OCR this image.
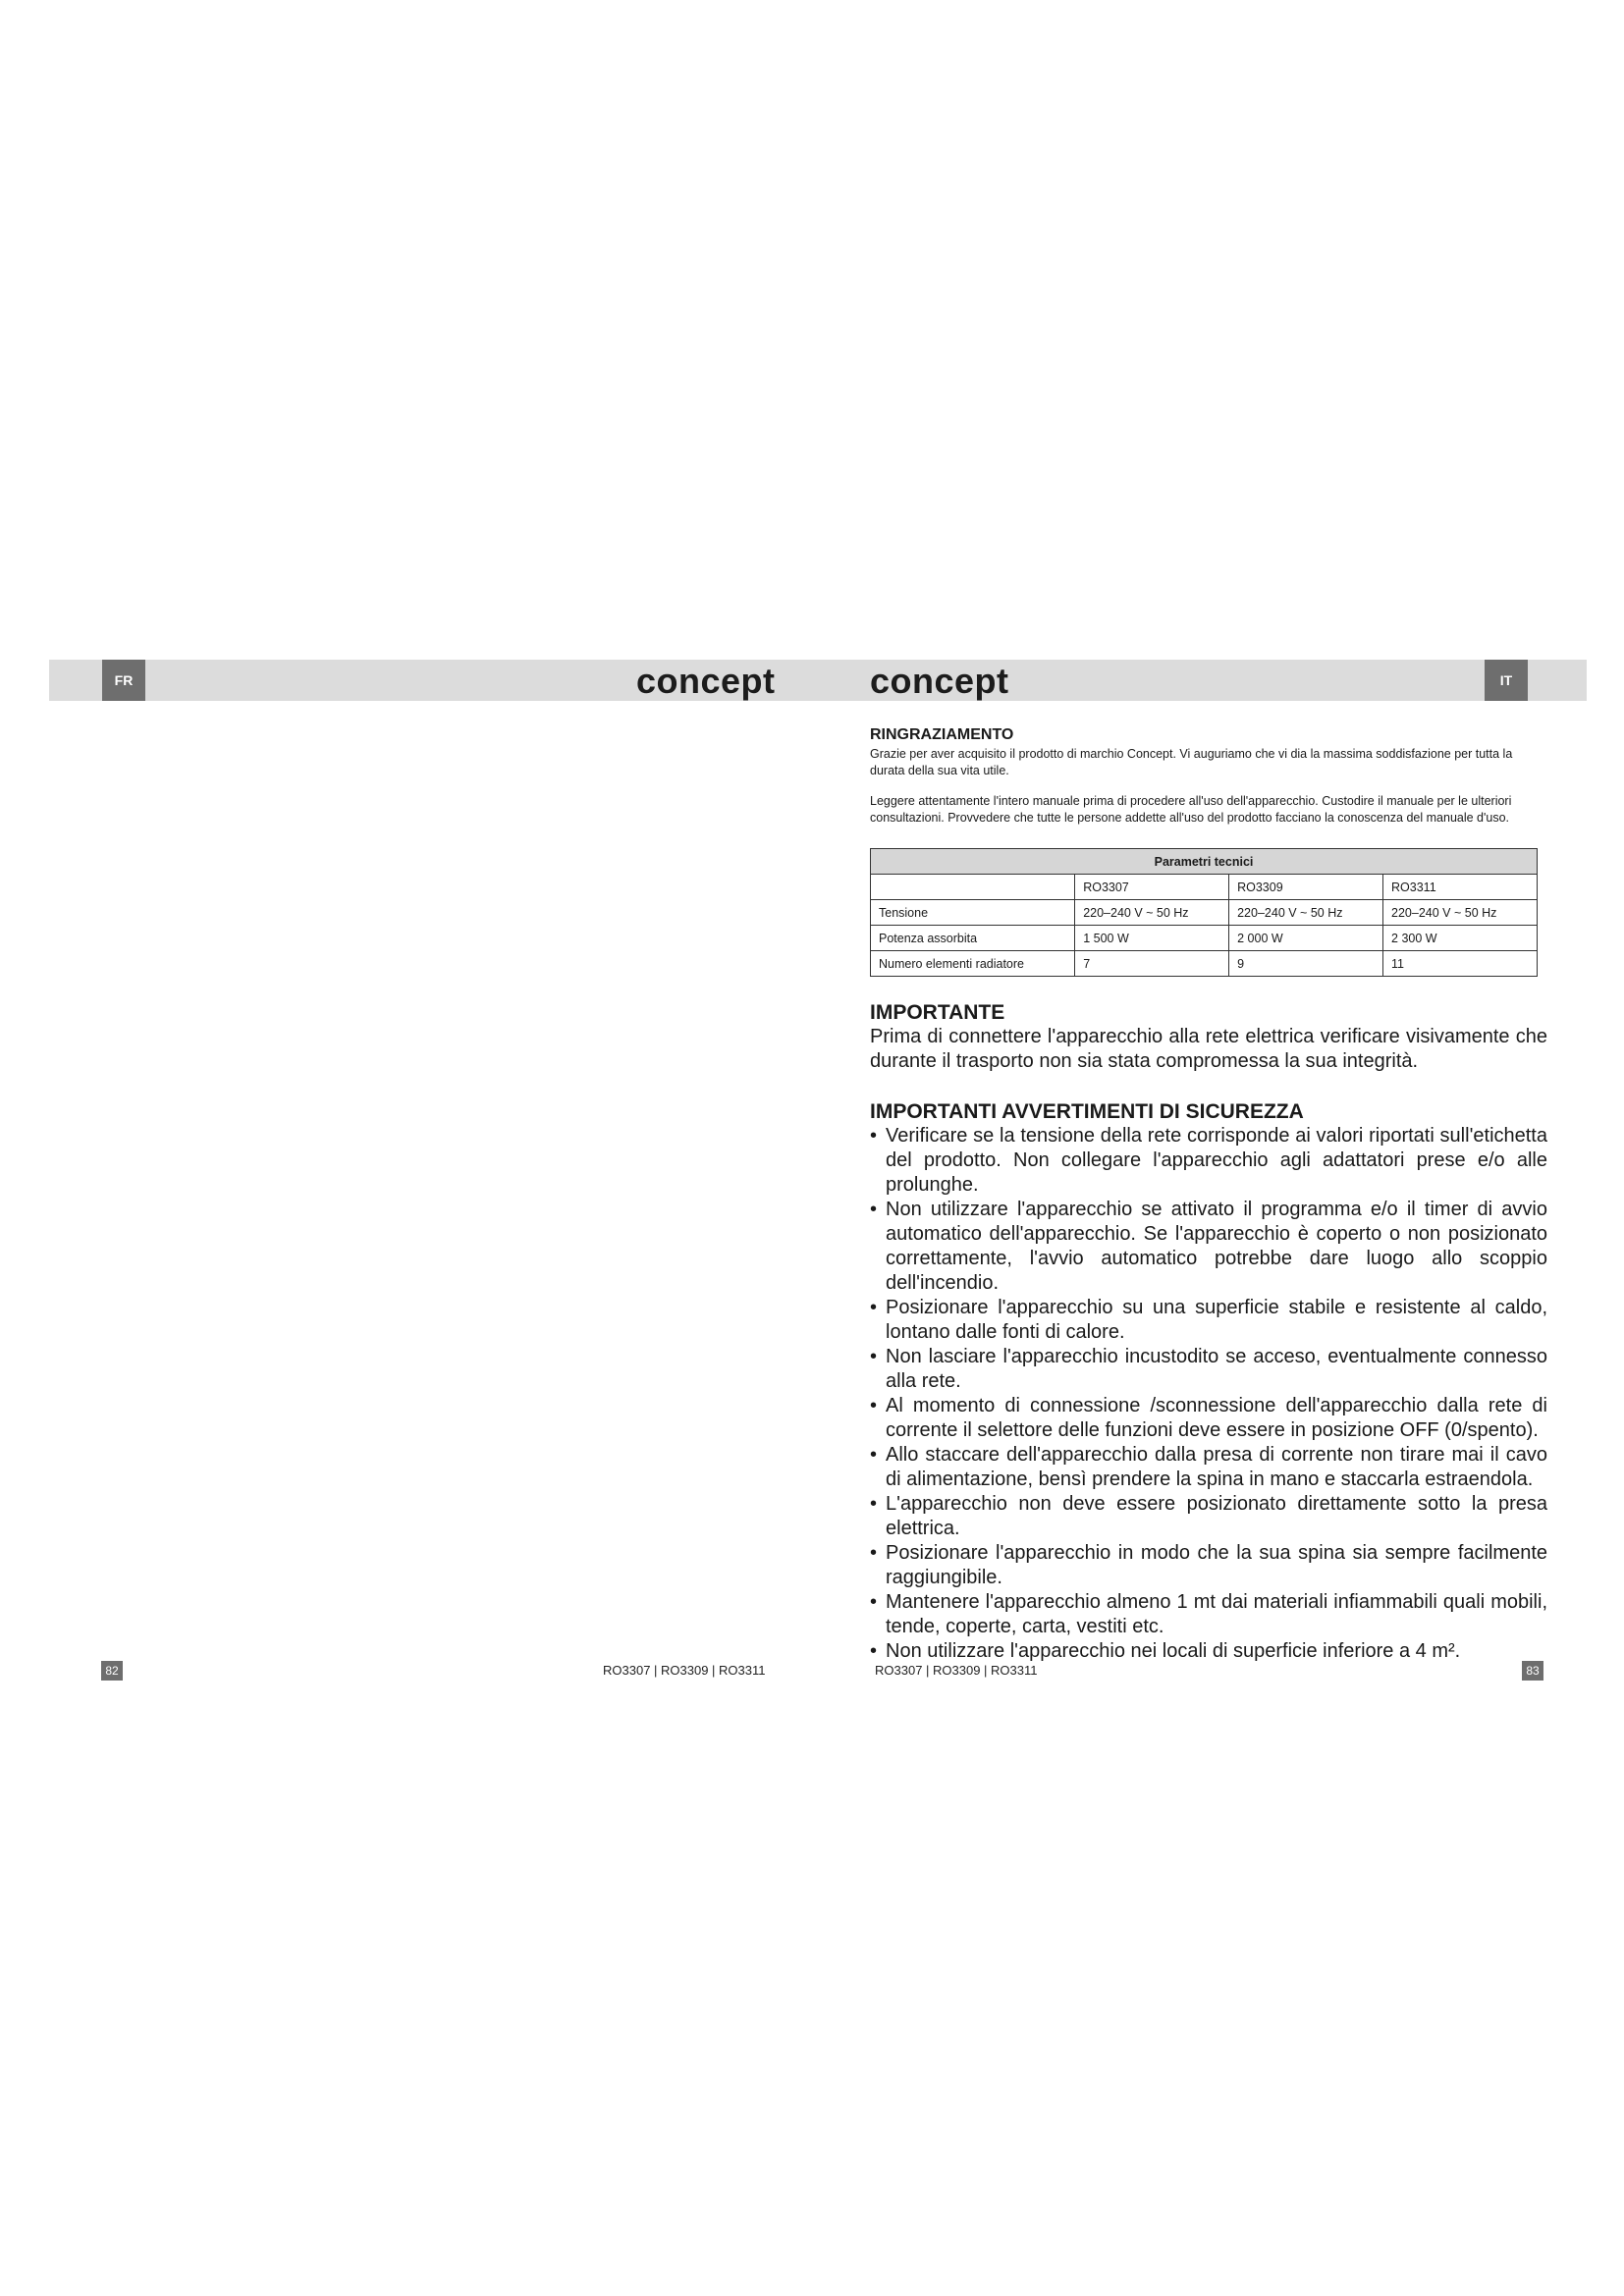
FR	concept	concept	IT
RINGRAZIAMENTO

Grazie per aver acquisito il prodotto di marchio Concept. Vi auguriamo che vi dia la massima soddisfazione per tutta la durata della sua vita utile.

Leggere attentamente l'intero manuale prima di procedere all'uso dell'apparecchio. Custodire il manuale per le ulteriori consultazioni. Provvedere che tutte le persone addette all'uso del prodotto facciano la conoscenza del manuale d'uso.

Parametri tecnici			
	RO3307	RO3309	RO3311
Tensione	220–240 V ~ 50 Hz	220–240 V ~ 50 Hz	220–240 V ~ 50 Hz
Potenza assorbita	1 500 W	2 000 W	2 300 W
Numero elementi radiatore	7	9	11
IMPORTANTE

Prima di connettere l'apparecchio alla rete elettrica verificare visivamente che durante il trasporto non sia stata compromessa la sua integrità.

IMPORTANTI AVVERTIMENTI DI SICUREZZA
• Verificare se la tensione della rete corrisponde ai valori riportati sull'etichetta del prodotto. Non collegare l'apparecchio agli adattatori prese e/o alle prolunghe.
• Non utilizzare l'apparecchio se attivato il programma e/o il timer di avvio automatico dell'apparecchio. Se l'apparecchio è coperto o non posizionato correttamente, l'avvio automatico potrebbe dare luogo allo scoppio dell'incendio.
• Posizionare l'apparecchio su una superficie stabile e resistente al caldo, lontano dalle fonti di calore.
• Non lasciare l'apparecchio incustodito se acceso, eventualmente connesso alla rete.
• Al momento di connessione /sconnessione dell'apparecchio dalla rete di corrente il selettore delle funzioni deve essere in posizione OFF (0/spento).
• Allo staccare dell'apparecchio dalla presa di corrente non tirare mai il cavo di alimentazione, bensì prendere la spina in mano e staccarla estraendola.
• L'apparecchio non deve essere posizionato direttamente sotto la presa elettrica.
• Posizionare l'apparecchio in modo che la sua spina sia sempre facilmente raggiungibile.
• Mantenere l'apparecchio almeno 1 mt dai materiali infiammabili quali mobili, tende, coperte, carta, vestiti etc.
• Non utilizzare l'apparecchio nei locali di superficie inferiore a 4 m².
82	RO3307 | RO3309 | RO3311	RO3307 | RO3309 | RO3311	83
